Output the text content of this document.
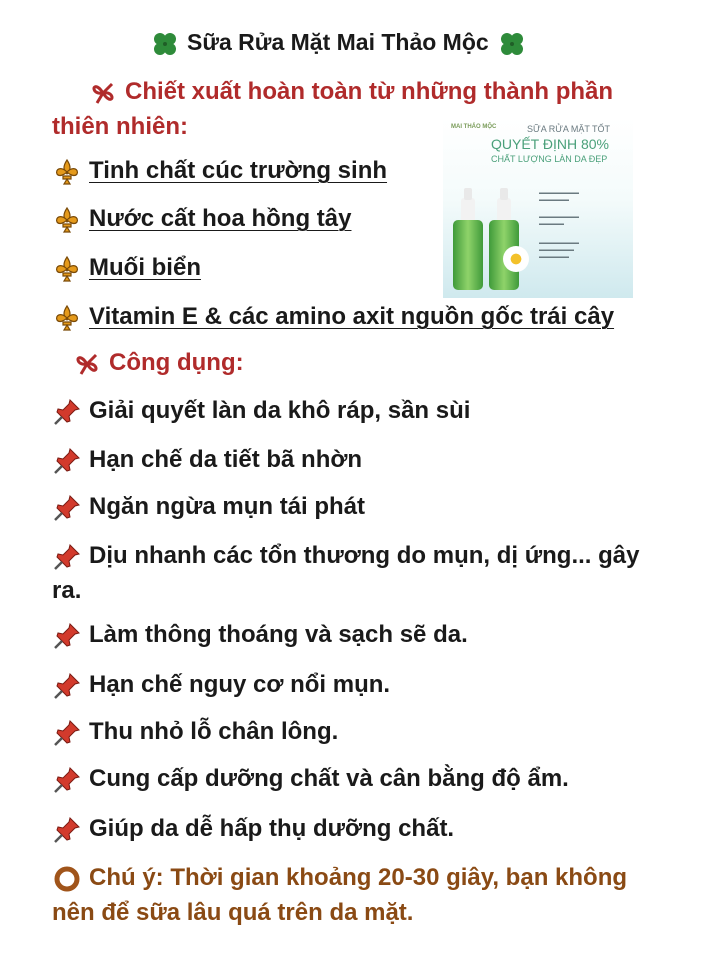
Sữa Rửa Mặt Mai Thảo Mộc
Chiết xuất hoàn toàn từ những thành phần
thiên nhiên:
Tinh chất cúc trường sinh
Nước cất hoa hồng tây
Muối biển
Vitamin E & các amino axit nguồn gốc trái cây
MAI THẢO MỘC	SỮA RỬA MẶT TỐT
QUYẾT ĐỊNH 80%
CHẤT LƯỢNG LÀN DA ĐẸP
▬▬▬▬▬▬▬▬
▬▬▬▬▬▬
▬▬▬▬▬▬▬▬
▬▬▬▬▬
▬▬▬▬▬▬▬▬
▬▬▬▬▬▬▬
▬▬▬▬▬▬
Công dụng:
Giải quyết làn da khô ráp, sần sùi
Hạn chế da tiết bã nhờn
Ngăn ngừa mụn tái phát
Dịu nhanh các tổn thương do mụn, dị ứng... gây
ra.
Làm thông thoáng và sạch sẽ da.
Hạn chế nguy cơ nổi mụn.
Thu nhỏ lỗ chân lông.
Cung cấp dưỡng chất và cân bằng độ ẩm.
Giúp da dễ hấp thụ dưỡng chất.
Chú ý: Thời gian khoảng 20-30 giây, bạn không
nên để sữa lâu quá trên da mặt.
